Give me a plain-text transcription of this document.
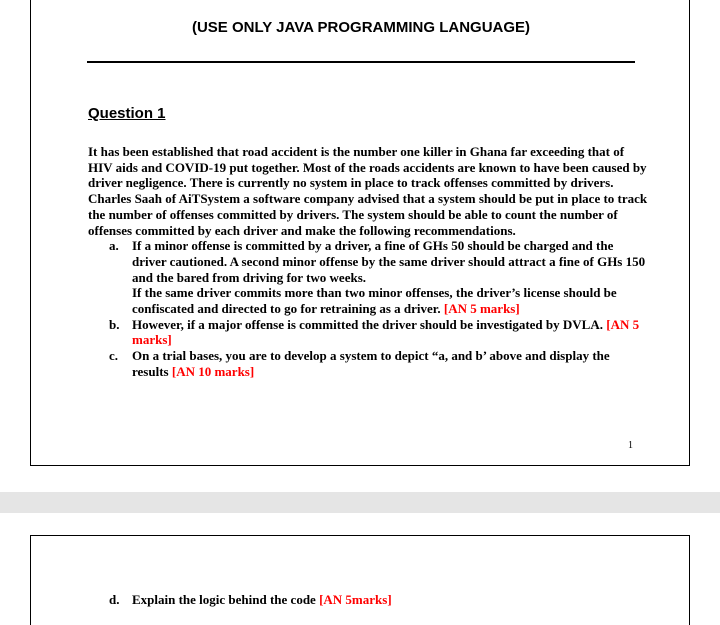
(USE ONLY JAVA PROGRAMMING LANGUAGE)
Question 1

It has been established that road accident is the number one killer in Ghana far exceeding that of HIV aids and COVID-19 put together. Most of the roads accidents are known to have been caused by driver negligence. There is currently no system in place to track offenses committed by drivers. Charles Saah of AiTSystem a software company advised that a system should be put in place to track the number of offenses committed by drivers. The system should be able to count the number of offenses committed by each driver and make the following recommendations.

a. If a minor offense is committed by a driver, a fine of GHs 50 should be charged and the driver cautioned. A second minor offense by the same driver should attract a fine of GHs 150 and the bared from driving for two weeks.
If the same driver commits more than two minor offenses, the driver’s license should be confiscated and directed to go for retraining as a driver. [AN 5 marks]
b. However, if a major offense is committed the driver should be investigated by DVLA. [AN 5 marks]
c. On a trial bases, you are to develop a system to depict “a, and b’ above and display the results [AN 10 marks]
1
d. Explain the logic behind the code [AN 5marks]
